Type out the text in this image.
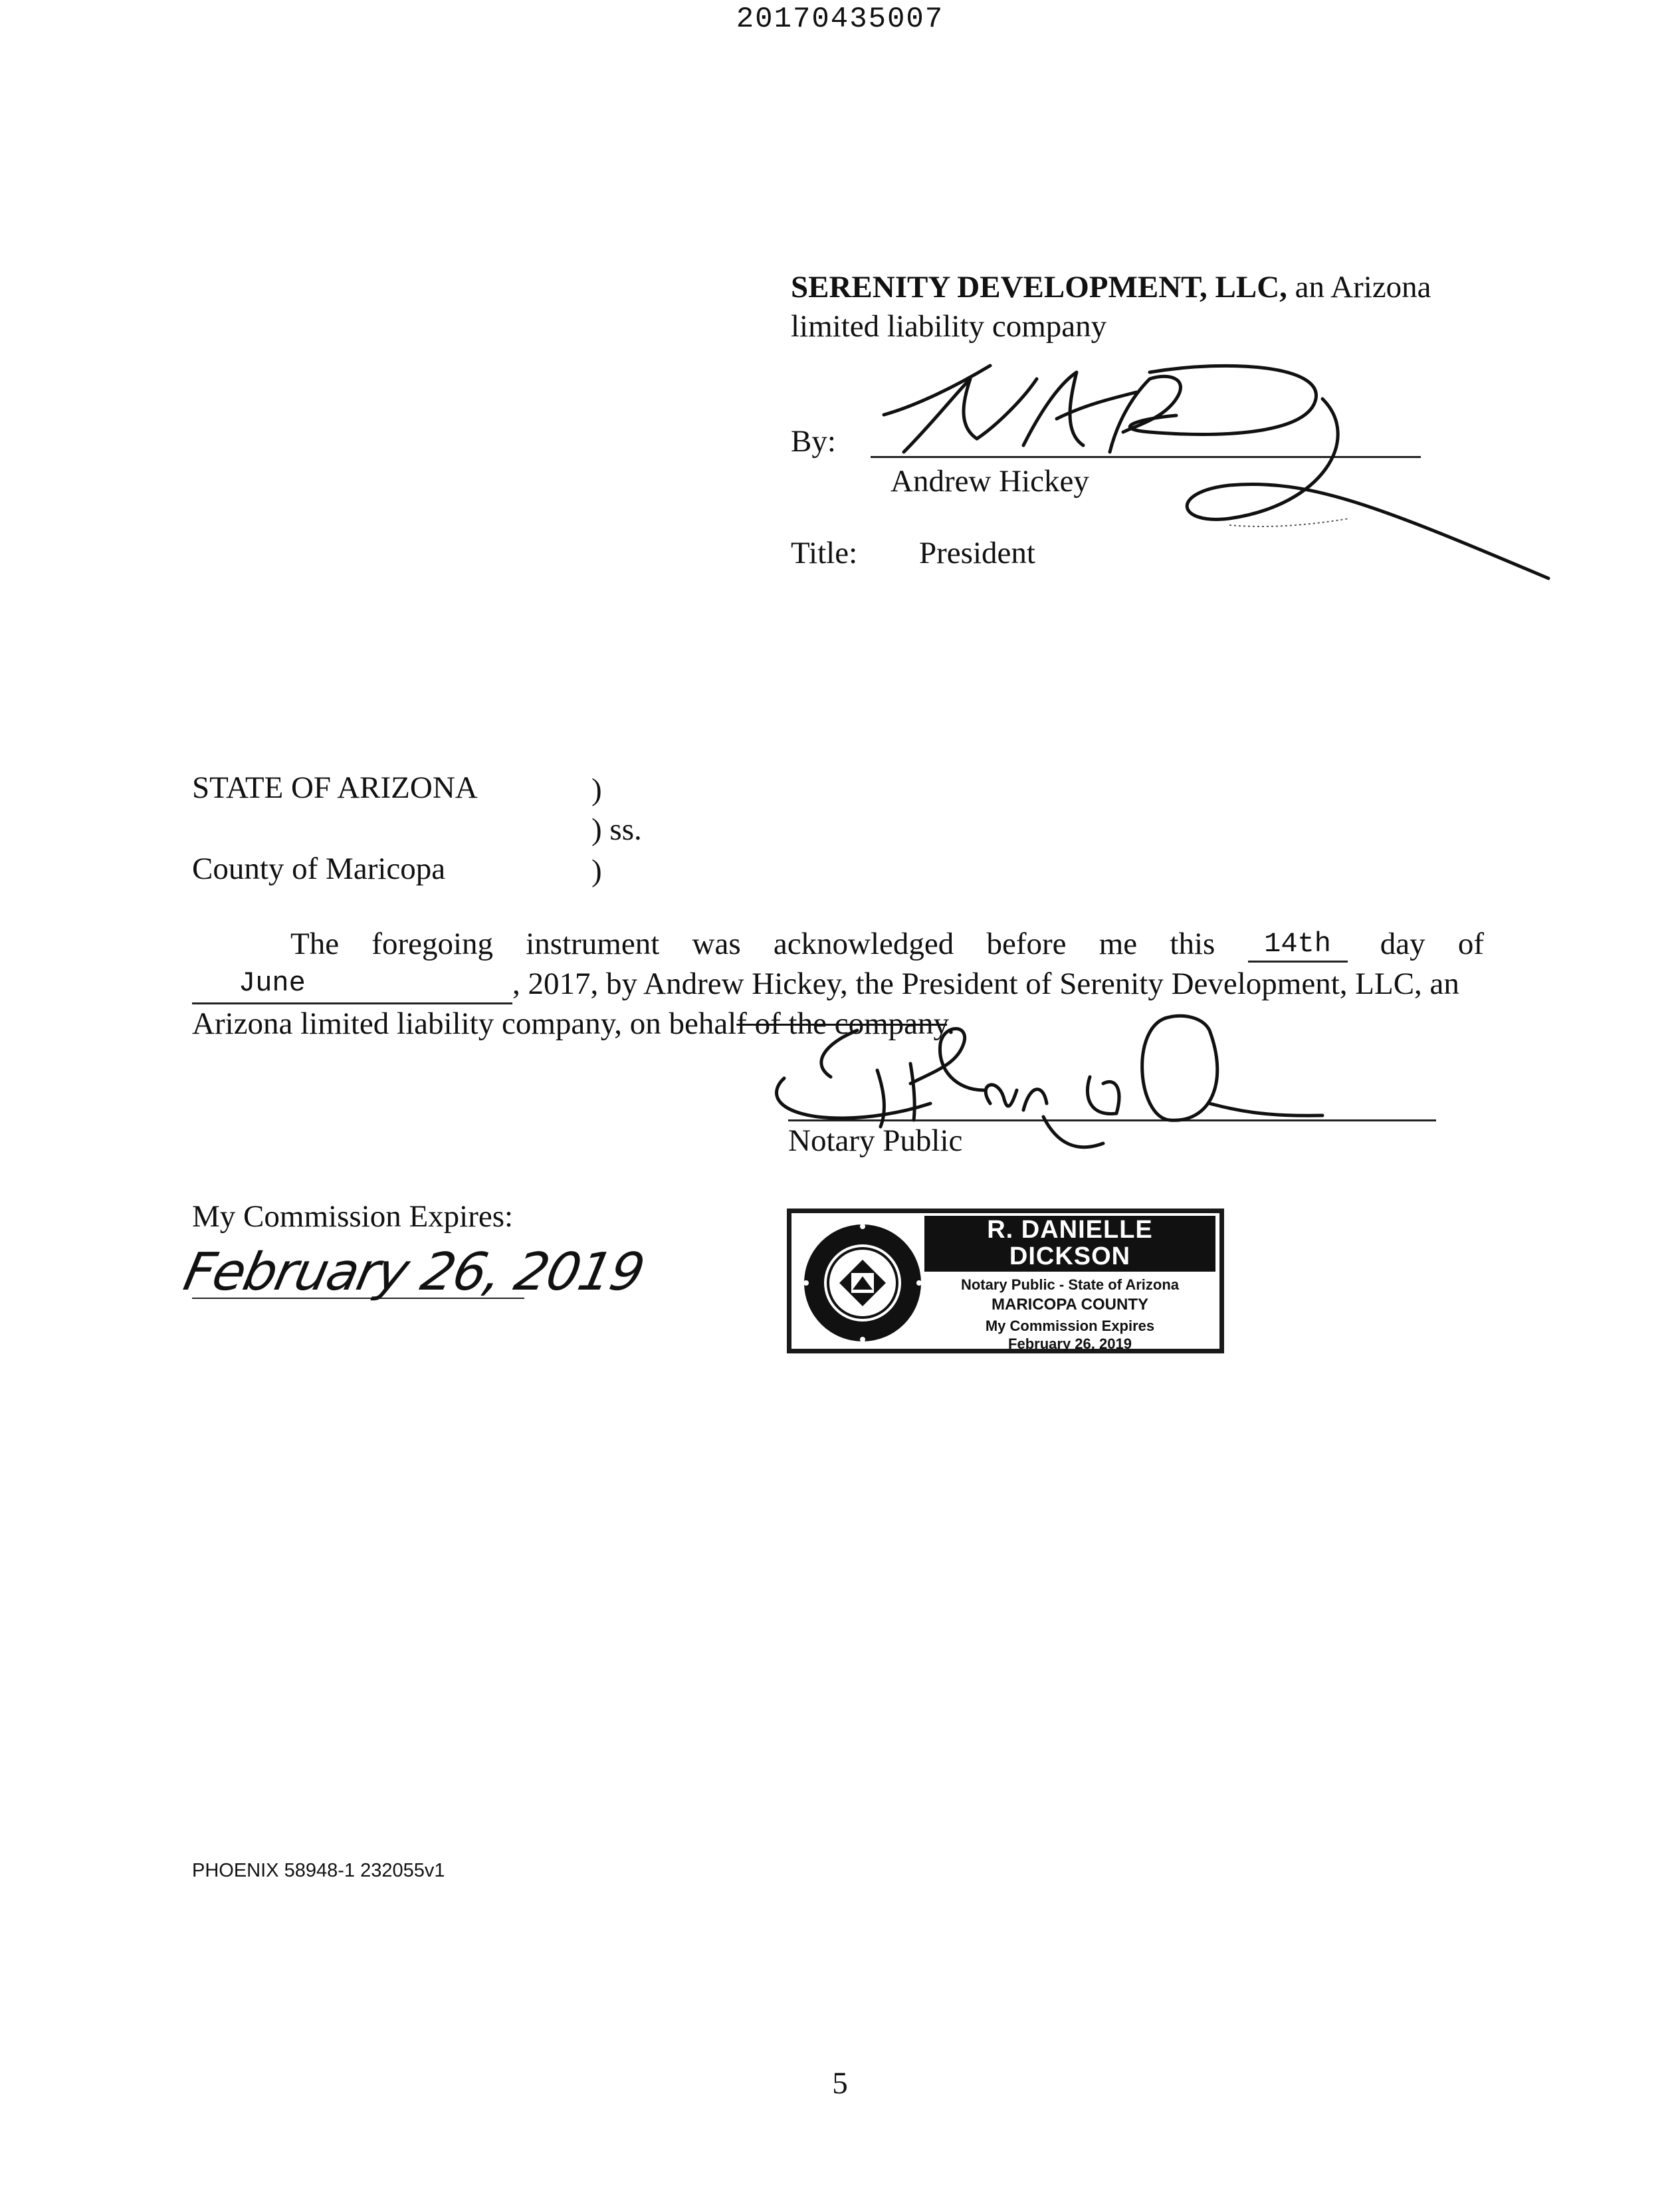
20170435007
SERENITY DEVELOPMENT, LLC, an Arizona
limited liability company
By:
Andrew Hickey
Title: President
STATE OF ARIZONA	)
) ss.
County of Maricopa	)
The foregoing instrument was acknowledged before me this	14th	day of
June	, 2017, by Andrew Hickey, the President of Serenity Development, LLC, an
Arizona limited liability company, on behalf of the company.
Notary Public
My Commission Expires:
February 26, 2019
R. DANIELLE DICKSON
Notary Public - State of Arizona
MARICOPA COUNTY
My Commission Expires
February 26, 2019
PHOENIX 58948-1 232055v1
5
